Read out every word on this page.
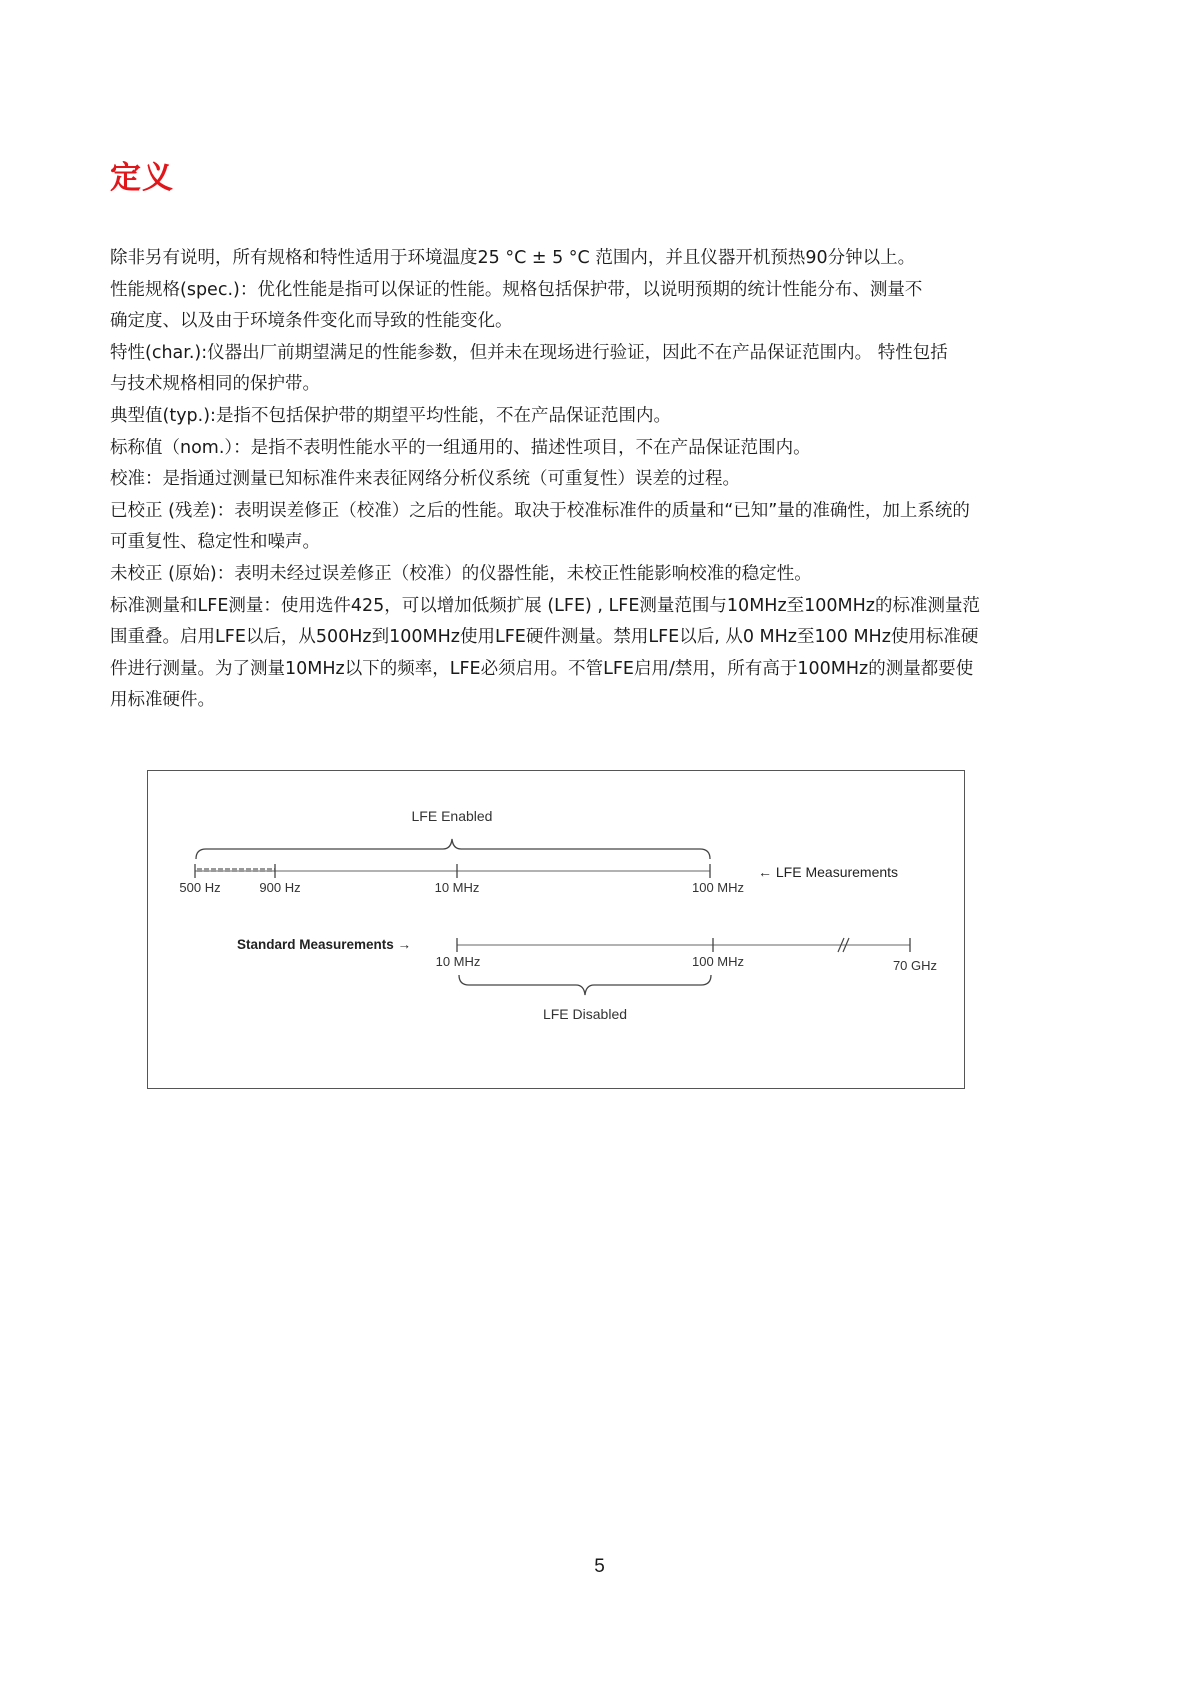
定义
除非另有说明，所有规格和特性适用于环境温度25 °C ± 5 °C 范围内，并且仪器开机预热90分钟以上。
性能规格(spec.)：优化性能是指可以保证的性能。规格包括保护带，以说明预期的统计性能分布、测量不
确定度、以及由于环境条件变化而导致的性能变化。
特性(char.):仪器出厂前期望满足的性能参数，但并未在现场进行验证，因此不在产品保证范围内。 特性包括
与技术规格相同的保护带。
典型值(typ.):是指不包括保护带的期望平均性能，不在产品保证范围内。
标称值（nom.）：是指不表明性能水平的一组通用的、描述性项目，不在产品保证范围内。
校准：是指通过测量已知标准件来表征网络分析仪系统（可重复性）误差的过程。
已校正 (残差)：表明误差修正（校准）之后的性能。取决于校准标准件的质量和“已知”量的准确性，加上系统的
可重复性、稳定性和噪声。
未校正 (原始)：表明未经过误差修正（校准）的仪器性能，未校正性能影响校准的稳定性。
标准测量和LFE测量：使用选件425，可以增加低频扩展 (LFE) , LFE测量范围与10MHz至100MHz的标准测量范
围重叠。启用LFE以后，从500Hz到100MHz使用LFE硬件测量。禁用LFE以后, 从0 MHz至100 MHz使用标准硬
件进行测量。为了测量10MHz以下的频率，LFE必须启用。不管LFE启用/禁用，所有高于100MHz的测量都要使
用标准硬件。
LFE Enabled
500 Hz	900 Hz	10 MHz	100 MHz
← LFE Measurements
Standard Measurements →
10 MHz	100 MHz	70 GHz
LFE Disabled
5
